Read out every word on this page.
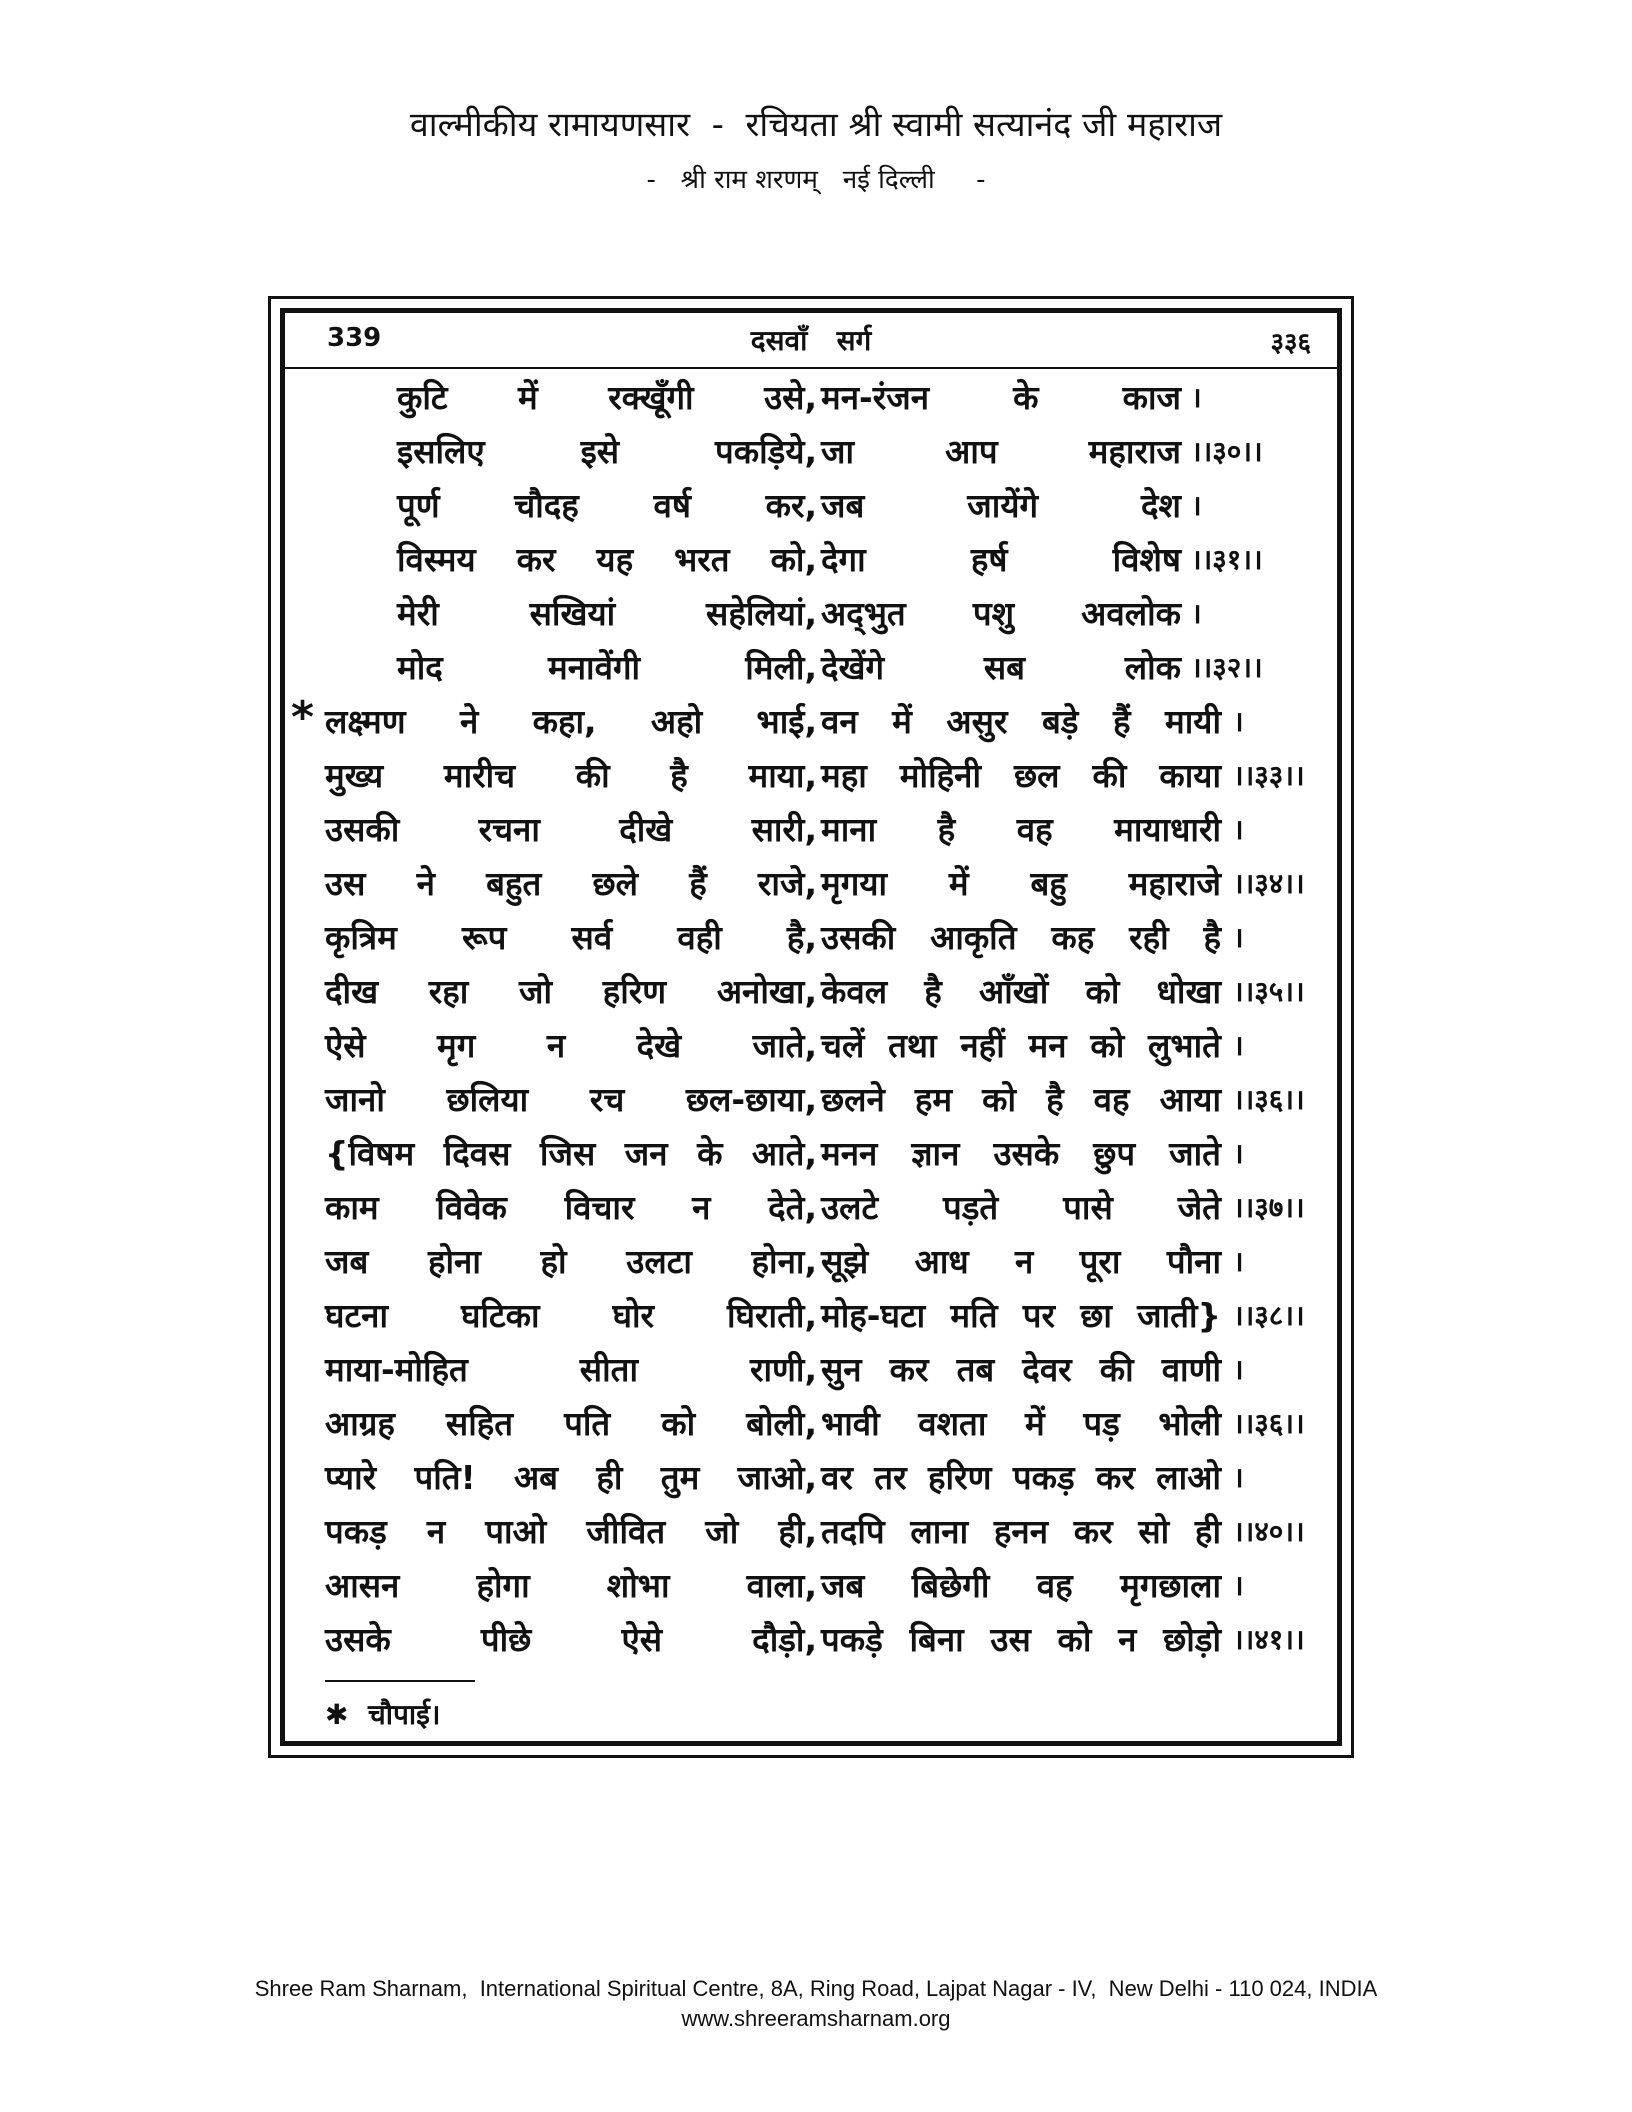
वाल्मीकीय रामायणसार  -  रचियता श्री स्वामी सत्यानंद जी महाराज
-   श्री राम शरणम्   नई दिल्ली     -
339	दसवाँ   सर्ग	३३६
कुटि में रक्खूँगी उसे, मन-रंजन के काज ।
इसलिए इसे पकड़िये, जा आप महाराज ।।३०।।
पूर्ण चौदह वर्ष कर, जब जायेंगे देश ।
विस्मय कर यह भरत को, देगा हर्ष विशेष ।।३१।।
मेरी सखियां सहेलियां, अद्‌भुत पशु अवलोक ।
मोद मनावेंगी मिली, देखेंगे सब लोक ।।३२।।
* लक्ष्मण ने कहा, अहो भाई, वन में असुर बड़े हैं मायी ।
मुख्य मारीच की है माया, महा मोहिनी छल की काया ।।३३।।
उसकी रचना दीखे सारी, माना है वह मायाधारी ।
उस ने बहुत छले हैं राजे, मृगया में बहु महाराजे ।।३४।।
कृत्रिम रूप सर्व वही है, उसकी आकृति कह रही है ।
दीख रहा जो हरिण अनोखा, केवल है आँखों को धोखा ।।३५।।
ऐसे मृग न देखे जाते, चलें तथा नहीं मन को लुभाते ।
जानो छलिया रच छल-छाया, छलने हम को है वह आया ।।३६।।
{विषम दिवस जिस जन के आते, मनन ज्ञान उसके छुप जाते ।
काम विवेक विचार न देते, उलटे पड़ते पासे जेते ।।३७।।
जब होना हो उलटा होना, सूझे आध न पूरा पौना ।
घटना घटिका घोर घिराती, मोह-घटा मति पर छा जाती} ।।३८।।
माया-मोहित सीता राणी, सुन कर तब देवर की वाणी ।
आग्रह सहित पति को बोली, भावी वशता में पड़ भोली ।।३६।।
प्यारे पति! अब ही तुम जाओ, वर तर हरिण पकड़ कर लाओ ।
पकड़ न पाओ जीवित जो ही, तदपि लाना हनन कर सो ही ।।४०।।
आसन होगा शोभा वाला, जब बिछेगी वह मृगछाला ।
उसके पीछे ऐसे दौड़ो, पकड़े बिना उस को न छोड़ो ।।४१।।
✱ चौपाई।
Shree Ram Sharnam,  International Spiritual Centre, 8A, Ring Road, Lajpat Nagar - IV,  New Delhi - 110 024, INDIA
www.shreeramsharnam.org
